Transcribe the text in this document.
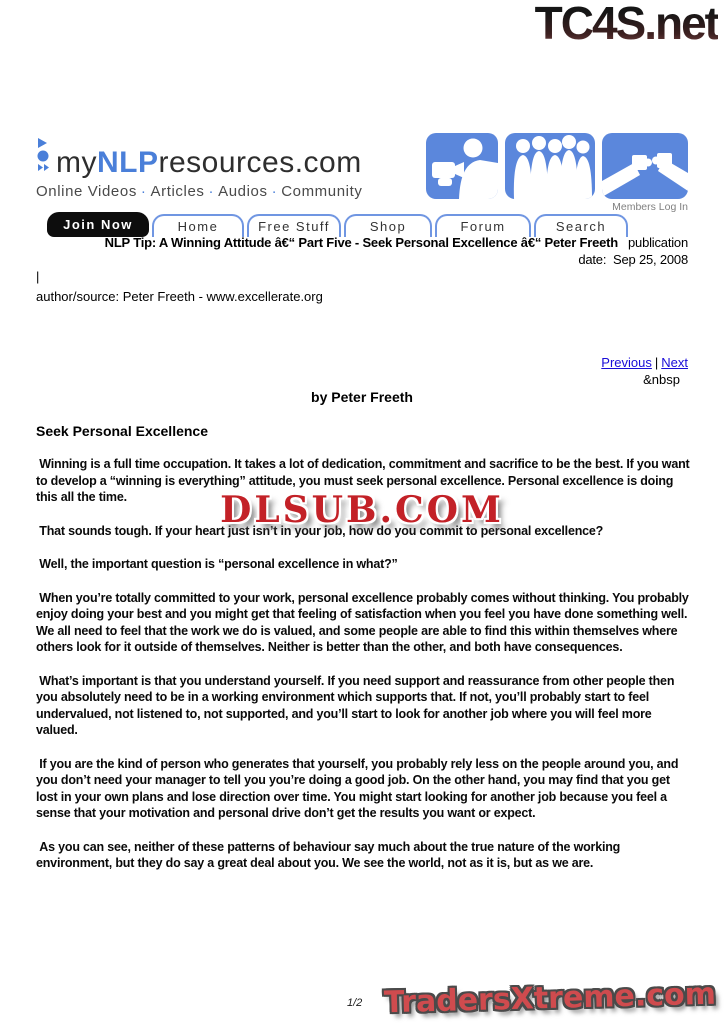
TC4S.net
myNLPresources.com
Online Videos · Articles · Audios · Community
Members Log In
Join Now	Home	Free Stuff	Shop	Forum	Search
NLP Tip: A Winning Attitude â€“ Part Five - Seek Personal Excellence â€“ Peter Freeth publication
date:  Sep 25, 2008
|
author/source: Peter Freeth - www.excellerate.org
Previous | Next
&nbsp
by Peter Freeth
Seek Personal Excellence

Winning is a full time occupation. It takes a lot of dedication, commitment and sacrifice to be the best. If you want to develop a “winning is everything” attitude, you must seek personal excellence. Personal excellence is doing this all the time.

That sounds tough. If your heart just isn’t in your job, how do you commit to personal excellence?

Well, the important question is “personal excellence in what?”

When you’re totally committed to your work, personal excellence probably comes without thinking. You probably enjoy doing your best and you might get that feeling of satisfaction when you feel you have done something well. We all need to feel that the work we do is valued, and some people are able to find this within themselves where others look for it outside of themselves. Neither is better than the other, and both have consequences.

What’s important is that you understand yourself. If you need support and reassurance from other people then you absolutely need to be in a working environment which supports that. If not, you’ll probably start to feel undervalued, not listened to, not supported, and you’ll start to look for another job where you will feel more valued.

If you are the kind of person who generates that yourself, you probably rely less on the people around you, and you don’t need your manager to tell you you’re doing a good job. On the other hand, you may find that you get lost in your own plans and lose direction over time. You might start looking for another job because you feel a sense that your motivation and personal drive don’t get the results you want or expect.

As you can see, neither of these patterns of behaviour say much about the true nature of the working environment, but they do say a great deal about you. We see the world, not as it is, but as we are.

DLSUB.COM
1/2 TradersXtreme.com
